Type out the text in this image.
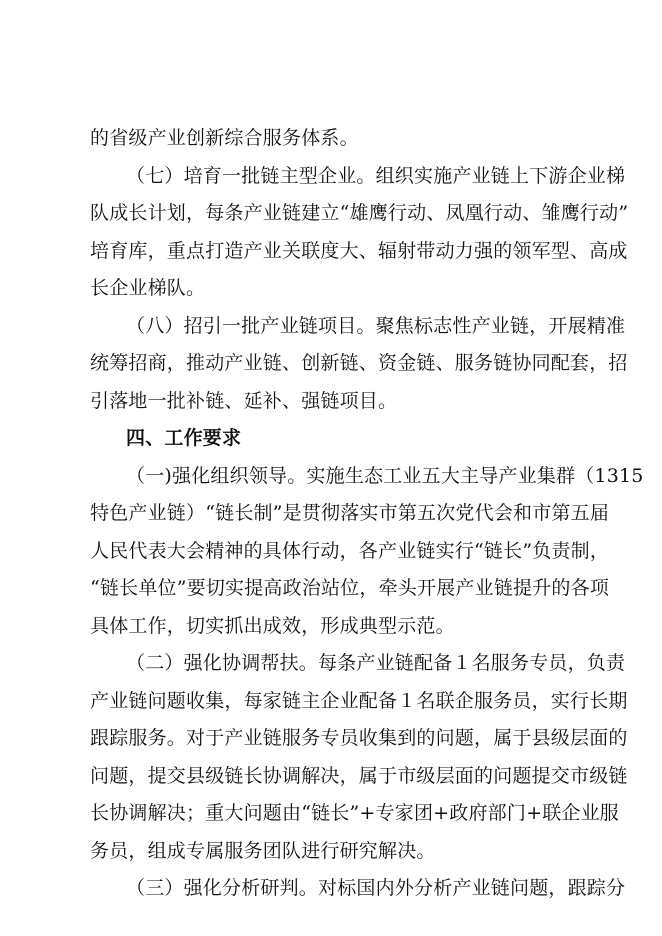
的省级产业创新综合服务体系。
（七）培育一批链主型企业。组织实施产业链上下游企业梯
队成长计划，每条产业链建立“雄鹰行动、凤凰行动、雏鹰行动”
培育库，重点打造产业关联度大、辐射带动力强的领军型、高成
长企业梯队。
（八）招引一批产业链项目。聚焦标志性产业链，开展精准
统筹招商，推动产业链、创新链、资金链、服务链协同配套，招
引落地一批补链、延补、强链项目。
四、工作要求
（一)强化组织领导。实施生态工业五大主导产业集群（1315
特色产业链）“链长制”是贯彻落实市第五次党代会和市第五届
人民代表大会精神的具体行动，各产业链实行“链长”负责制，
“链长单位”要切实提高政治站位，牵头开展产业链提升的各项
具体工作，切实抓出成效，形成典型示范。
（二）强化协调帮扶。每条产业链配备１名服务专员，负责
产业链问题收集，每家链主企业配备１名联企服务员，实行长期
跟踪服务。对于产业链服务专员收集到的问题，属于县级层面的
问题，提交县级链长协调解决，属于市级层面的问题提交市级链
长协调解决；重大问题由“链长”+专家团+政府部门+联企业服
务员，组成专属服务团队进行研究解决。
（三）强化分析研判。对标国内外分析产业链问题，跟踪分
